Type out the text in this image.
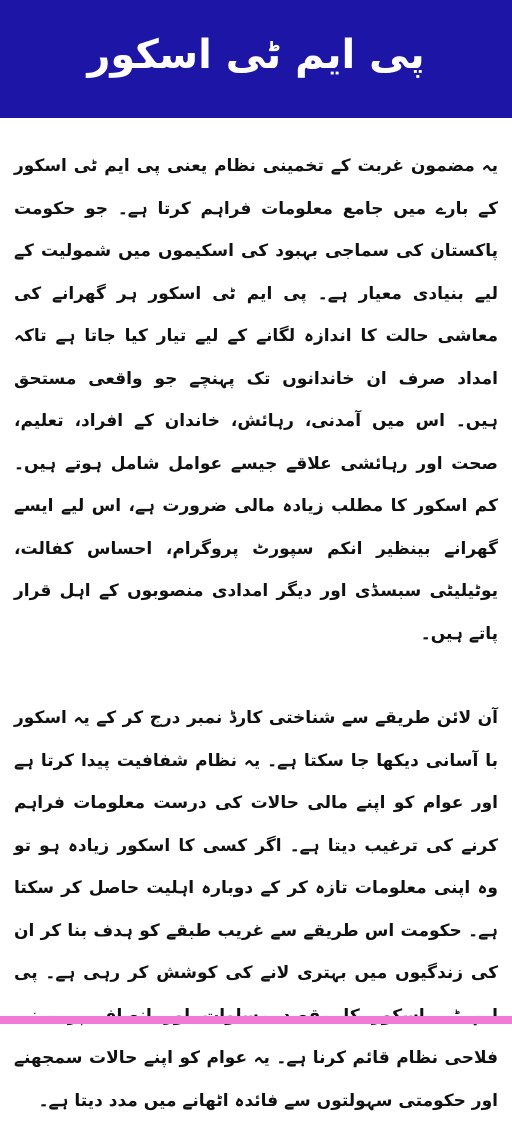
پی ایم ٹی اسکور

یہ مضمون غربت کے تخمینی نظام یعنی پی ایم ٹی اسکور کے بارے میں جامع معلومات فراہم کرتا ہے۔ جو حکومت پاکستان کی سماجی بہبود کی اسکیموں میں شمولیت کے لیے بنیادی معیار ہے۔ پی ایم ٹی اسکور ہر گھرانے کی معاشی حالت کا اندازہ لگانے کے لیے تیار کیا جاتا ہے تاکہ امداد صرف ان خاندانوں تک پہنچے جو واقعی مستحق ہیں۔ اس میں آمدنی، رہائش، خاندان کے افراد، تعلیم، صحت اور رہائشی علاقے جیسے عوامل شامل ہوتے ہیں۔ کم اسکور کا مطلب زیادہ مالی ضرورت ہے، اس لیے ایسے گھرانے بینظیر انکم سپورٹ پروگرام، احساس کفالت، یوٹیلیٹی سبسڈی اور دیگر امدادی منصوبوں کے اہل قرار پاتے ہیں۔

آن لائن طریقے سے شناختی کارڈ نمبر درج کر کے یہ اسکور با آسانی دیکھا جا سکتا ہے۔ یہ نظام شفافیت پیدا کرتا ہے اور عوام کو اپنے مالی حالات کی درست معلومات فراہم کرنے کی ترغیب دیتا ہے۔ اگر کسی کا اسکور زیادہ ہو تو وہ اپنی معلومات تازہ کر کے دوبارہ اہلیت حاصل کر سکتا ہے۔ حکومت اس طریقے سے غریب طبقے کو ہدف بنا کر ان کی زندگیوں میں بہتری لانے کی کوشش کر رہی ہے۔ پی فلاحی نظام قائم کرنا ہے۔ یہ عوام کو اپنے حالات سمجھنے اور حکومتی سہولتوں سے فائدہ اٹھانے میں مدد دیتا ہے۔
